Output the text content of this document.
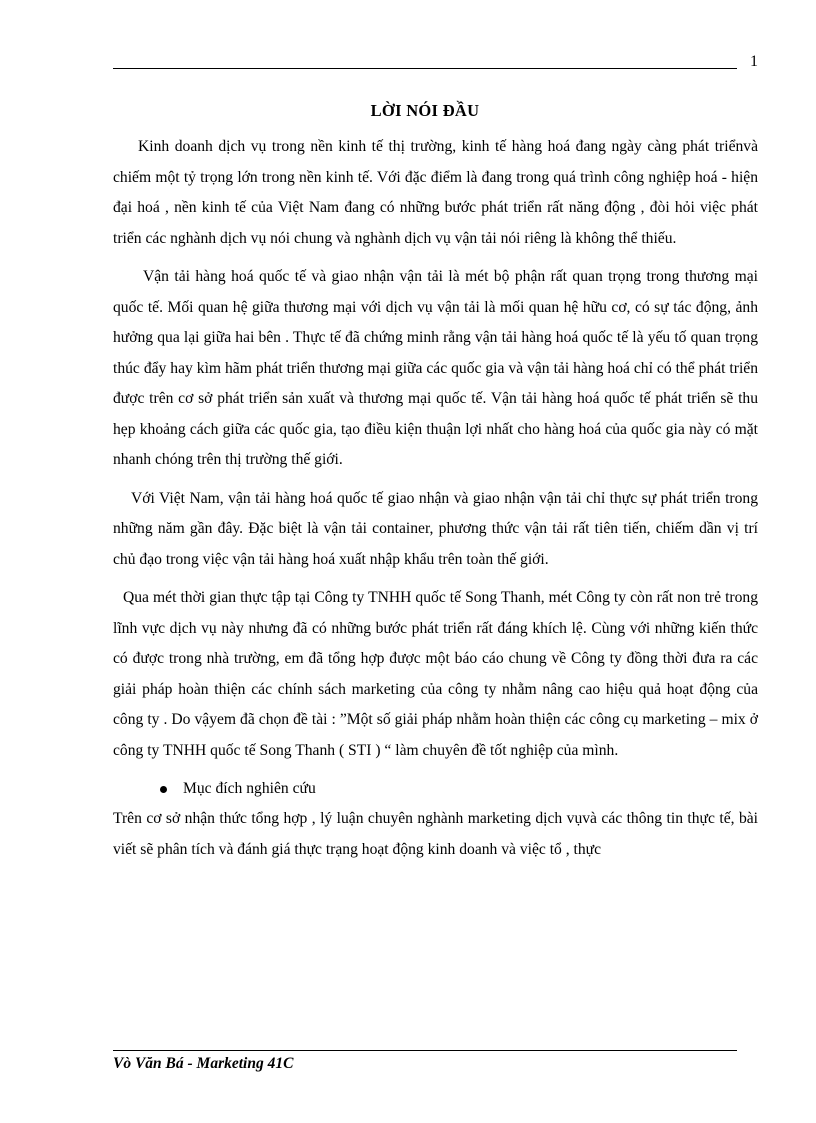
1
LỜI NÓI ĐẦU

Kinh doanh dịch vụ trong nền kinh tế thị trường, kinh tế hàng hoá đang ngày càng phát triểnvà chiếm một tỷ trọng lớn trong nền kinh tế. Với đặc điểm là đang trong quá trình công nghiệp hoá - hiện đại hoá , nền kinh tế của Việt Nam đang có những bước phát triển rất năng động , đòi hỏi việc phát triển các nghành dịch vụ nói chung và nghành dịch vụ vận tải nói riêng là không thể thiếu.

Vận tải hàng hoá quốc tế và giao nhận vận tải là mét bộ phận rất quan trọng trong thương mại quốc tế. Mối quan hệ giữa thương mại với dịch vụ vận tải là mối quan hệ hữu cơ, có sự tác động, ảnh hưởng qua lại giữa hai bên . Thực tế đã chứng minh rằng vận tải hàng hoá quốc tế là yếu tố quan trọng thúc đẩy hay kìm hãm phát triển thương mại giữa các quốc gia và vận tải hàng hoá chỉ có thể phát triển được trên cơ sở phát triển sản xuất và thương mại quốc tế. Vận tải hàng hoá quốc tế phát triển sẽ thu hẹp khoảng cách giữa các quốc gia, tạo điều kiện thuận lợi nhất cho hàng hoá của quốc gia này có mặt nhanh chóng trên thị trường thế giới.

Với Việt Nam, vận tải hàng hoá quốc tế giao nhận và giao nhận vận tải chỉ thực sự phát triển trong những năm gần đây. Đặc biệt là vận tải container, phương thức vận tải rất tiên tiến, chiếm dần vị trí chủ đạo trong việc vận tải hàng hoá xuất nhập khẩu trên toàn thế giới.

Qua mét thời gian thực tập tại Công ty TNHH quốc tế Song Thanh, mét Công ty còn rất non trẻ trong lĩnh vực dịch vụ này nhưng đã có những bước phát triển rất đáng khích lệ. Cùng với những kiến thức có được trong nhà trường, em đã tổng hợp được một báo cáo chung về Công ty đồng thời đưa ra các giải pháp hoàn thiện các chính sách marketing của công ty nhằm nâng cao hiệu quả hoạt động của công ty . Do vậyem đã chọn đề tài : ”Một số giải pháp nhằm hoàn thiện các công cụ marketing – mix ở công ty TNHH quốc tế Song Thanh ( STI ) “ làm chuyên đề tốt nghiệp của mình.

Mục đích nghiên cứu

Trên cơ sở nhận thức tổng hợp , lý luận chuyên nghành marketing dịch vụvà các thông tin thực tế, bài viết sẽ phân tích và đánh giá thực trạng hoạt động kinh doanh và việc tổ , thực

Vò Văn Bá - Marketing 41C
